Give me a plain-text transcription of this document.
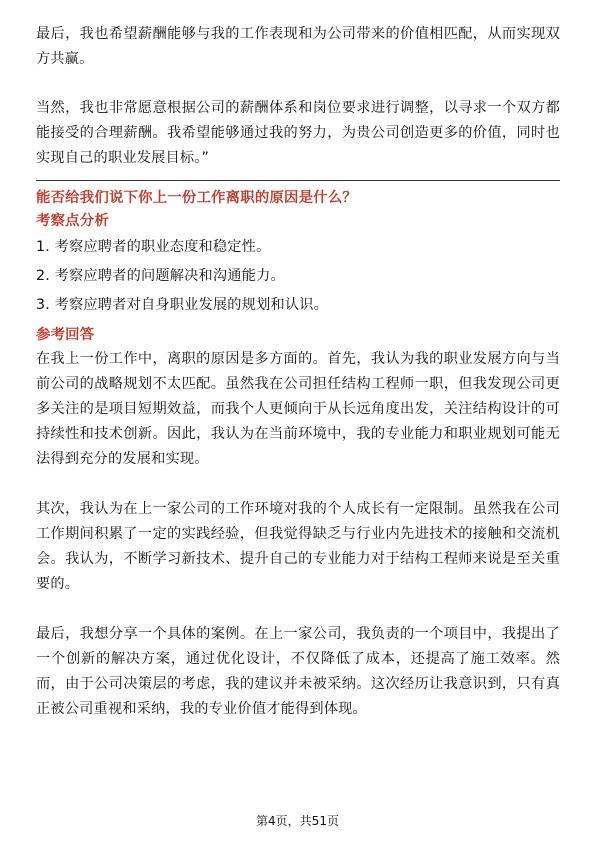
最后，我也希望薪酬能够与我的工作表现和为公司带来的价值相匹配，从而实现双方共赢。

当然，我也非常愿意根据公司的薪酬体系和岗位要求进行调整，以寻求一个双方都能接受的合理薪酬。我希望能够通过我的努力，为贵公司创造更多的价值，同时也实现自己的职业发展目标。”

能否给我们说下你上一份工作离职的原因是什么？

考察点分析

1. 考察应聘者的职业态度和稳定性。
2. 考察应聘者的问题解决和沟通能力。
3. 考察应聘者对自身职业发展的规划和认识。

参考回答

在我上一份工作中，离职的原因是多方面的。首先，我认为我的职业发展方向与当前公司的战略规划不太匹配。虽然我在公司担任结构工程师一职，但我发现公司更多关注的是项目短期效益，而我个人更倾向于从长远角度出发，关注结构设计的可持续性和技术创新。因此，我认为在当前环境中，我的专业能力和职业规划可能无法得到充分的发展和实现。

其次，我认为在上一家公司的工作环境对我的个人成长有一定限制。虽然我在公司工作期间积累了一定的实践经验，但我觉得缺乏与行业内先进技术的接触和交流机会。我认为，不断学习新技术、提升自己的专业能力对于结构工程师来说是至关重要的。

最后，我想分享一个具体的案例。在上一家公司，我负责的一个项目中，我提出了一个创新的解决方案，通过优化设计，不仅降低了成本，还提高了施工效率。然而，由于公司决策层的考虑，我的建议并未被采纳。这次经历让我意识到，只有真正被公司重视和采纳，我的专业价值才能得到体现。

第4页，共51页
